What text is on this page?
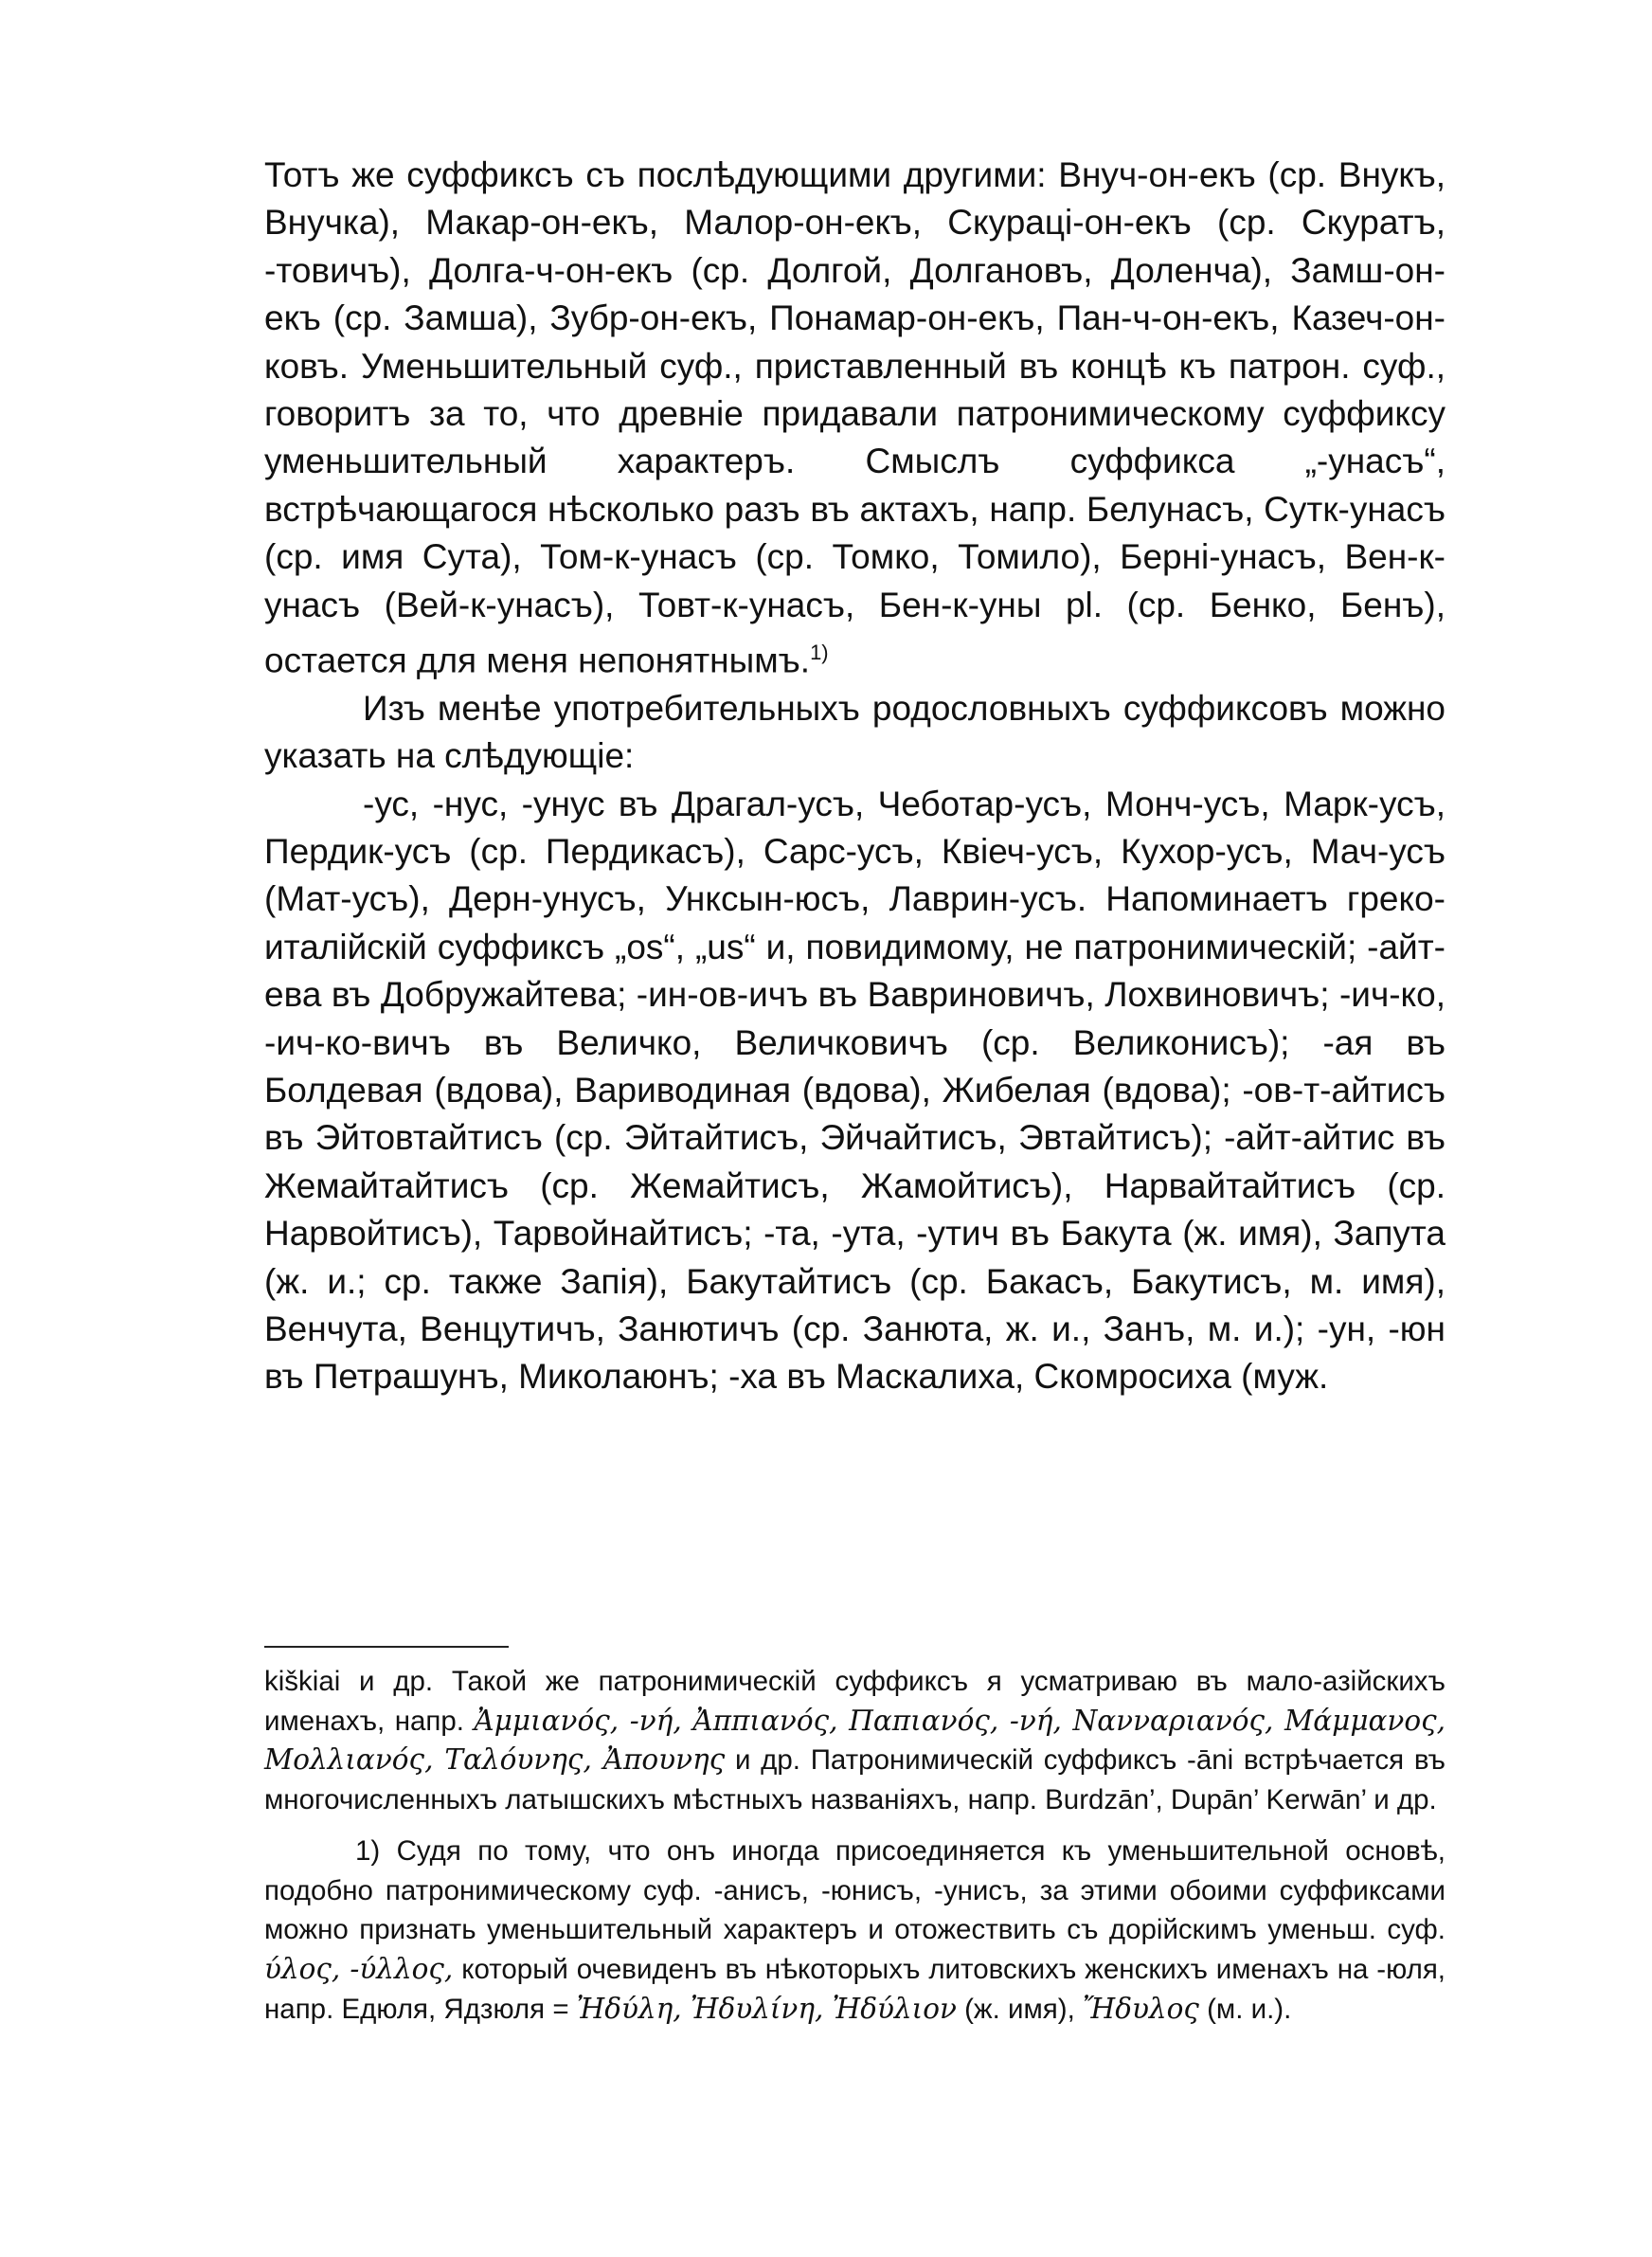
Тотъ же суффиксъ съ послѣдующими другими: Внуч-он-екъ (ср. Внукъ, Внучка), Макар-он-екъ, Малор-он-екъ, Скураці-он-екъ (ср. Скуратъ, -товичъ), Долга-ч-он-екъ (ср. Долгой, Долгановъ, Доленча), Замш-он-екъ (ср. Замша), Зубр-он-екъ, Понамар-он-екъ, Пан-ч-он-екъ, Казеч-он-ковъ. Уменьшительный суф., приставленный въ концѣ къ патрон. суф., говоритъ за то, что древніе придавали патронимическому суффиксу уменьшительный характеръ. Смыслъ суффикса „-унасъ“, встрѣчающагося нѣсколько разъ въ актахъ, напр. Белунасъ, Сутк-унасъ (ср. имя Сута), Том-к-унасъ (ср. Томко, Томило), Берні-унасъ, Вен-к-унасъ (Вей-к-унасъ), Товт-к-унасъ, Бен-к-уны pl. (ср. Бенко, Бенъ), остается для меня непонятнымъ.$^{1)}$

Изъ менѣе употребительныхъ родословныхъ суффиксовъ можно указать на слѣдующіе:

-ус, -нус, -унус въ Драгал-усъ, Чеботар-усъ, Монч-усъ, Марк-усъ, Пердик-усъ (ср. Пердикасъ), Сарс-усъ, Квіеч-усъ, Кухор-усъ, Мач-усъ (Мат-усъ), Дерн-унусъ, Унксын-юсъ, Лаврин-усъ. Напоминаетъ греко-италійскій суффиксъ „os“, „us“ и, повидимому, не патронимическій; -айт-ева въ Добружайтева; -ин-ов-ичъ въ Вавриновичъ, Лохвиновичъ; -ич-ко, -ич-ко-вичъ въ Величко, Величковичъ (ср. Великонисъ); -ая въ Болдевая (вдова), Вариводиная (вдова), Жибелая (вдова); -ов-т-айтисъ въ Эйтовтайтисъ (ср. Эйтайтисъ, Эйчайтисъ, Эвтайтисъ); -айт-айтис въ Жемайтайтисъ (ср. Жемайтисъ, Жамойтисъ), Нарвайтайтисъ (ср. Нарвойтисъ), Тарвойнайтисъ; -та, -ута, -утич въ Бакута (ж. имя), Запута (ж. и.; ср. также Запія), Бакутайтисъ (ср. Бакасъ, Бакутисъ, м. имя), Венчута, Венцутичъ, Занютичъ (ср. Занюта, ж. и., Занъ, м. и.); -ун, -юн въ Петрашунъ, Миколаюнъ; -ха въ Маскалиха, Скомросиха (муж.

kiškiai и др. Такой же патронимическій суффиксъ я усматриваю въ мало-азійскихъ именахъ, напр. Ἀμμιανός, -νή, Ἀππιανός, Παπιανός, -νή, Νανναριανός, Μάμμανος, Μολλιανός, Ταλόυνης, Ἀπουνης и др. Патронимическій суффиксъ -āni встрѣчается въ многочисленныхъ латышскихъ мѣстныхъ названіяхъ, напр. Burdzān’, Dupān’ Kerwān’ и др.

1) Судя по тому, что онъ иногда присоединяется къ уменьшительной основѣ, подобно патронимическому суф. -анисъ, -юнисъ, -унисъ, за этими обоими суффиксами можно признать уменьшительный характеръ и отожествить съ дорійскимъ уменьш. суф. ύλος, -ύλλος, который очевиденъ въ нѣкоторыхъ литовскихъ женскихъ именахъ на -юля, напр. Едюля, Ядзюля = Ἠδύλη, Ἠδυλίνη, Ἠδύλιον (ж. имя), Ἤδυλος (м. и.).
